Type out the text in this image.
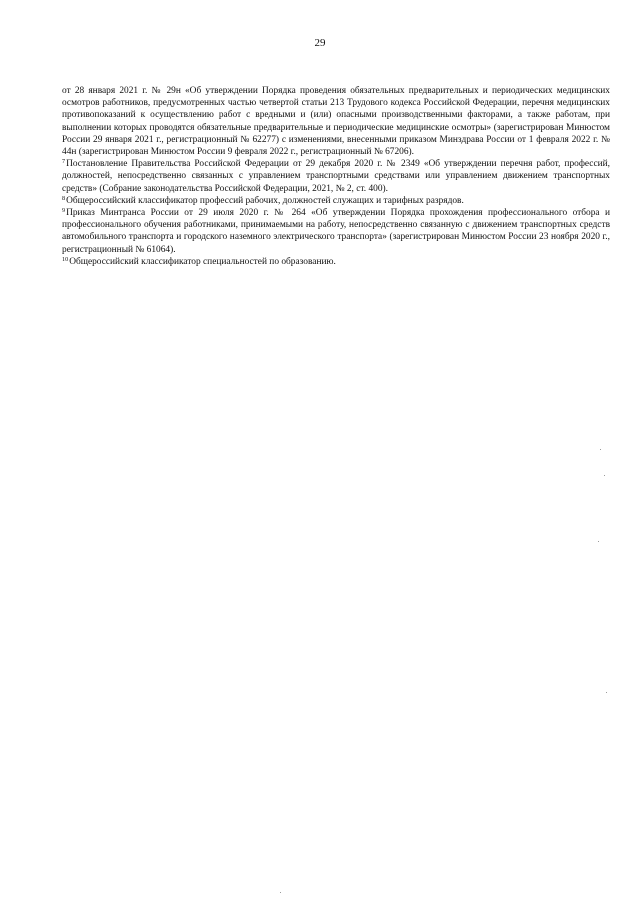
29

от 28 января 2021 г. № 29н «Об утверждении Порядка проведения обязательных предварительных и периодических медицинских осмотров работников, предусмотренных частью четвертой статьи 213 Трудового кодекса Российской Федерации, перечня медицинских противопоказаний к осуществлению работ с вредными и (или) опасными производственными факторами, а также работам, при выполнении которых проводятся обязательные предварительные и периодические медицинские осмотры» (зарегистрирован Минюстом России 29 января 2021 г., регистрационный № 62277) с изменениями, внесенными приказом Минздрава России от 1 февраля 2022 г. № 44н (зарегистрирован Минюстом России 9 февраля 2022 г., регистрационный № 67206).

$^7$Постановление Правительства Российской Федерации от 29 декабря 2020 г. № 2349 «Об утверждении перечня работ, профессий, должностей, непосредственно связанных с управлением транспортными средствами или управлением движением транспортных средств» (Собрание законодательства Российской Федерации, 2021, № 2, ст. 400).

$^8$Общероссийский классификатор профессий рабочих, должностей служащих и тарифных разрядов.

$^9$Приказ Минтранса России от 29 июля 2020 г. № 264 «Об утверждении Порядка прохождения профессионального отбора и профессионального обучения работниками, принимаемыми на работу, непосредственно связанную с движением транспортных средств автомобильного транспорта и городского наземного электрического транспорта» (зарегистрирован Минюстом России 23 ноября 2020 г., регистрационный № 61064).

$^{10}$Общероссийский классификатор специальностей по образованию.
